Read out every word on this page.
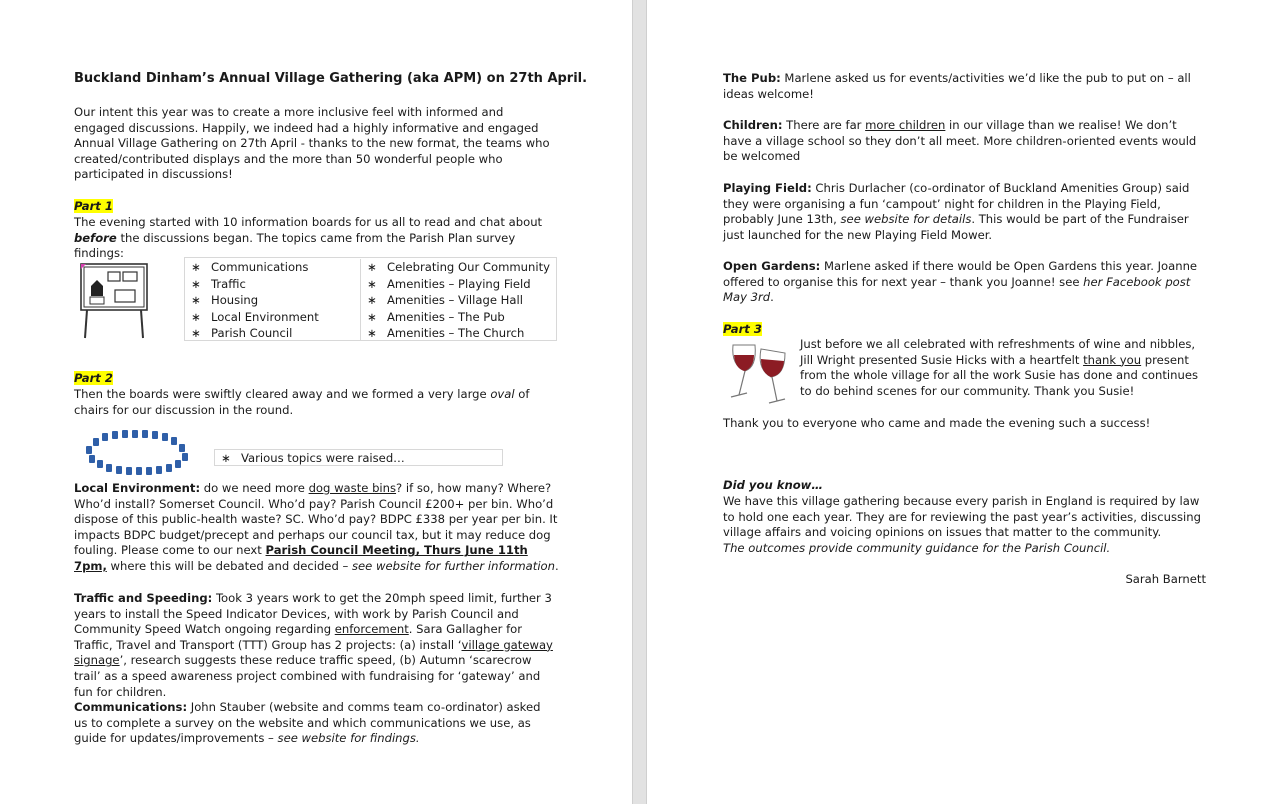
Buckland Dinham’s Annual Village Gathering (aka APM) on 27th April.
Our intent this year was to create a more inclusive feel with informed and engaged discussions. Happily, we indeed had a highly informative and engaged Annual Village Gathering on 27th April - thanks to the new format, the teams who created/contributed displays and the more than 50 wonderful people who participated in discussions!
Part 1
The evening started with 10 information boards for us all to read and chat about before the discussions began. The topics came from the Parish Plan survey findings:
∗ Communications
∗ Traffic
∗ Housing
∗ Local Environment
∗ Parish Council
∗ Celebrating Our Community
∗ Amenities – Playing Field
∗ Amenities – Village Hall
∗ Amenities – The Pub
∗ Amenities – The Church
Part 2
Then the boards were swiftly cleared away and we formed a very large oval of chairs for our discussion in the round.
∗ Various topics were raised…
Local Environment: do we need more dog waste bins? if so, how many? Where? Who’d install? Somerset Council. Who’d pay? Parish Council £200+ per bin. Who’d dispose of this public-health waste? SC. Who’d pay? BDPC £338 per year per bin. It impacts BDPC budget/precept and perhaps our council tax, but it may reduce dog fouling. Please come to our next Parish Council Meeting, Thurs June 11th 7pm, where this will be debated and decided – see website for further information.
Traffic and Speeding: Took 3 years work to get the 20mph speed limit, further 3 years to install the Speed Indicator Devices, with work by Parish Council and Community Speed Watch ongoing regarding enforcement. Sara Gallagher for Traffic, Travel and Transport (TTT) Group has 2 projects: (a) install ‘village gateway signage’, research suggests these reduce traffic speed, (b) Autumn ‘scarecrow trail’ as a speed awareness project combined with fundraising for ‘gateway’ and fun for children.
Communications: John Stauber (website and comms team co-ordinator) asked us to complete a survey on the website and which communications we use, as guide for updates/improvements – see website for findings.
The Pub: Marlene asked us for events/activities we’d like the pub to put on – all ideas welcome!
Children: There are far more children in our village than we realise! We don’t have a village school so they don’t all meet. More children-oriented events would be welcomed
Playing Field: Chris Durlacher (co-ordinator of Buckland Amenities Group) said they were organising a fun ‘campout’ night for children in the Playing Field, probably June 13th, see website for details. This would be part of the Fundraiser just launched for the new Playing Field Mower.
Open Gardens: Marlene asked if there would be Open Gardens this year. Joanne offered to organise this for next year – thank you Joanne! see her Facebook post May 3rd.
Part 3
Just before we all celebrated with refreshments of wine and nibbles, Jill Wright presented Susie Hicks with a heartfelt thank you present from the whole village for all the work Susie has done and continues to do behind scenes for our community. Thank you Susie!
Thank you to everyone who came and made the evening such a success!
Did you know…
We have this village gathering because every parish in England is required by law to hold one each year. They are for reviewing the past year’s activities, discussing village affairs and voicing opinions on issues that matter to the community.
The outcomes provide community guidance for the Parish Council.
Sarah Barnett
